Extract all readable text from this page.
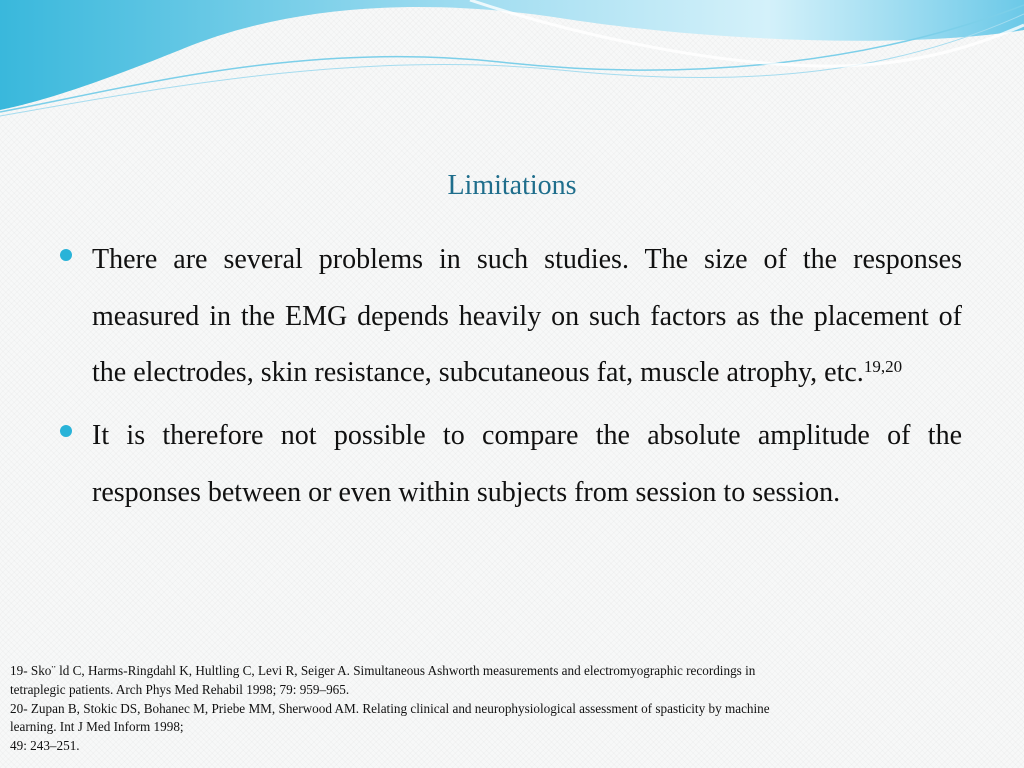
Limitations
There are several problems in such studies. The size of the responses measured in the EMG depends heavily on such factors as the placement of the electrodes, skin resistance, subcutaneous fat, muscle atrophy, etc.$^{19,20}$
It is therefore not possible to compare the absolute amplitude of the responses between or even within subjects from session to session.
19- Sko¨ ld C, Harms-Ringdahl K, Hultling C, Levi R, Seiger A. Simultaneous Ashworth measurements and electromyographic recordings in
tetraplegic patients. Arch Phys Med Rehabil 1998; 79: 959–965.
20- Zupan B, Stokic DS, Bohanec M, Priebe MM, Sherwood AM. Relating clinical and neurophysiological assessment of spasticity by machine
learning. Int J Med Inform 1998;
49: 243–251.
